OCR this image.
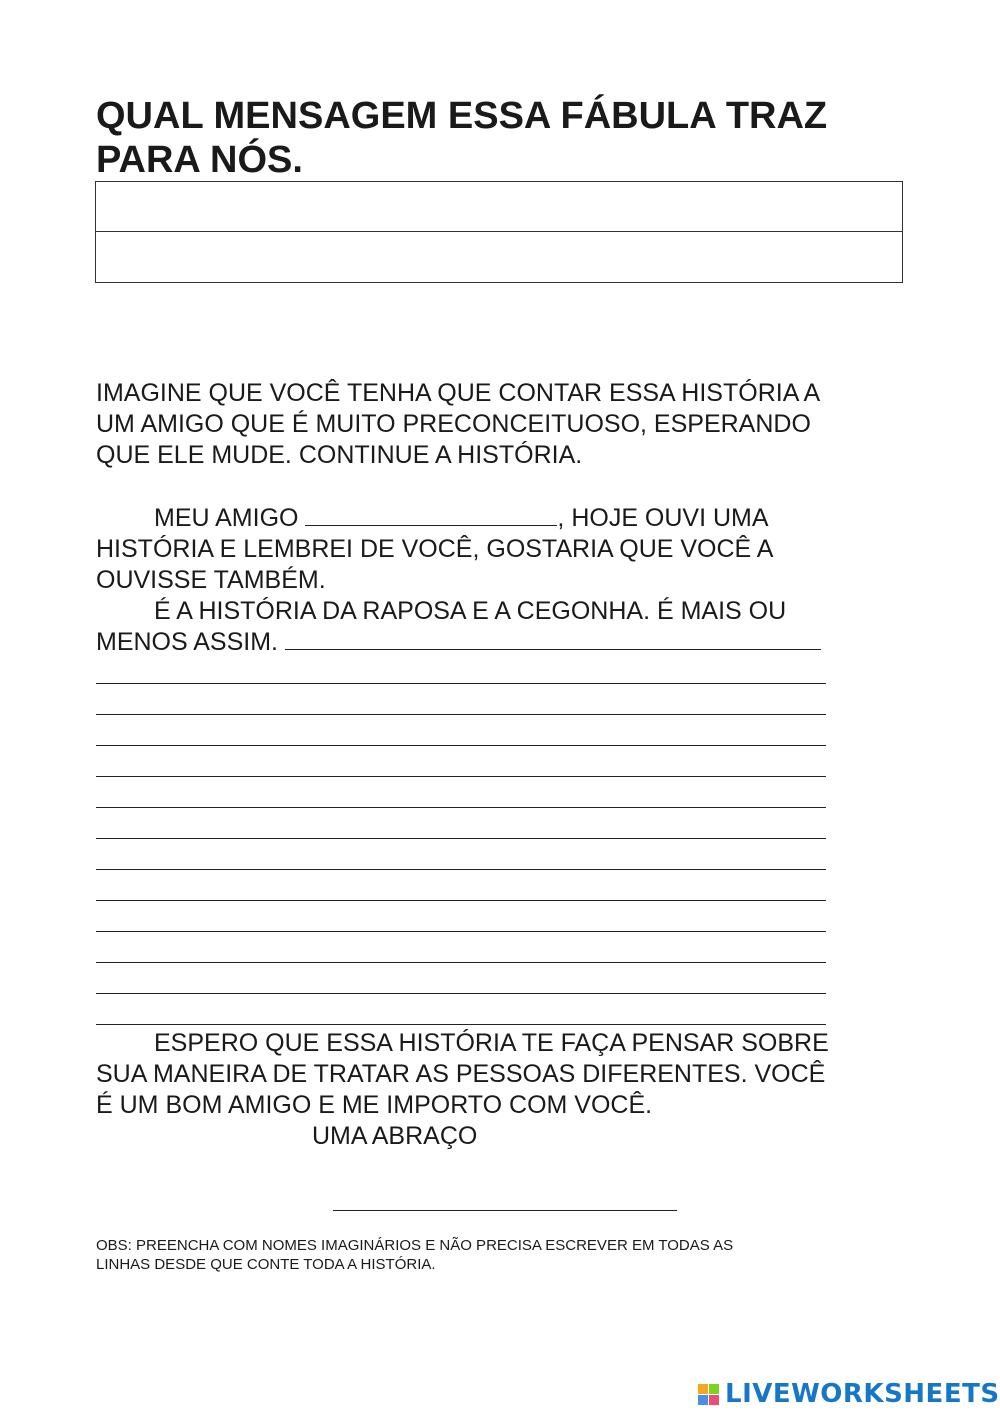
QUAL MENSAGEM ESSA FÁBULA TRAZ PARA NÓS.
IMAGINE QUE VOCÊ TENHA QUE CONTAR ESSA HISTÓRIA A
UM AMIGO QUE É MUITO PRECONCEITUOSO, ESPERANDO
QUE ELE MUDE. CONTINUE A HISTÓRIA.
MEU AMIGO	, HOJE OUVI UMA
HISTÓRIA E LEMBREI DE VOCÊ, GOSTARIA QUE VOCÊ A
OUVISSE TAMBÉM.
É A HISTÓRIA DA RAPOSA E A CEGONHA. É MAIS OU
MENOS ASSIM.
ESPERO QUE ESSA HISTÓRIA TE FAÇA PENSAR SOBRE
SUA MANEIRA DE TRATAR AS PESSOAS DIFERENTES. VOCÊ
É UM BOM AMIGO E ME IMPORTO COM VOCÊ.
UMA ABRAÇO
OBS: PREENCHA COM NOMES IMAGINÁRIOS E NÃO PRECISA ESCREVER EM TODAS AS
LINHAS DESDE QUE CONTE TODA A HISTÓRIA.
LIVEWORKSHEETS
